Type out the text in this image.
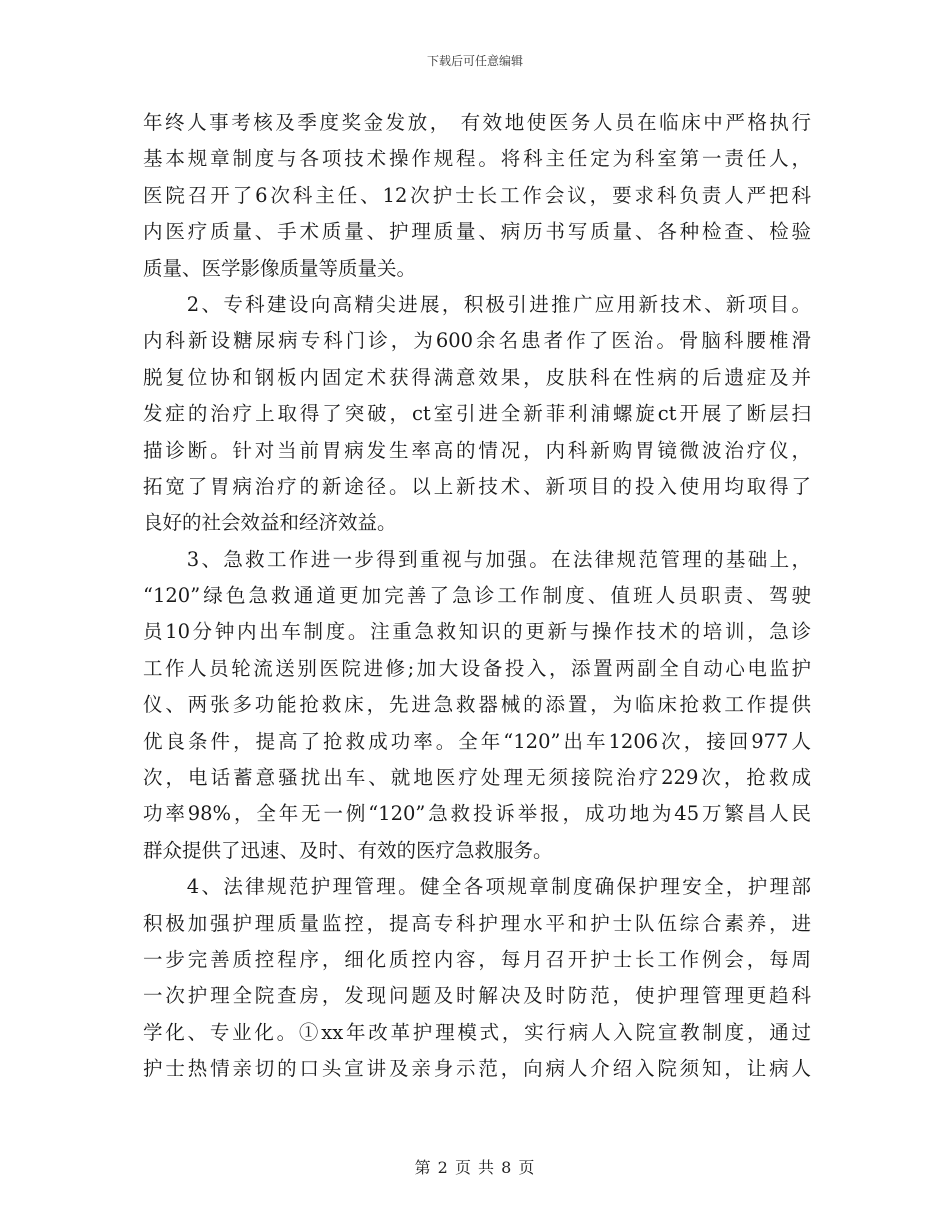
下载后可任意编辑
年终人事考核及季度奖金发放， 有效地使医务人员在临床中严格执行
基本规章制度与各项技术操作规程。将科主任定为科室第一责任人，
医院召开了6次科主任、12次护士长工作会议，要求科负责人严把科
内医疗质量、手术质量、护理质量、病历书写质量、各种检查、检验
质量、医学影像质量等质量关。
　　2、专科建设向高精尖进展，积极引进推广应用新技术、新项目。
内科新设糖尿病专科门诊，为600余名患者作了医治。骨脑科腰椎滑
脱复位协和钢板内固定术获得满意效果，皮肤科在性病的后遗症及并
发症的治疗上取得了突破，ct室引进全新菲利浦螺旋ct开展了断层扫
描诊断。针对当前胃病发生率高的情况，内科新购胃镜微波治疗仪，
拓宽了胃病治疗的新途径。以上新技术、新项目的投入使用均取得了
良好的社会效益和经济效益。
　　3、急救工作进一步得到重视与加强。在法律规范管理的基础上，
“120”绿色急救通道更加完善了急诊工作制度、值班人员职责、驾驶
员10分钟内出车制度。注重急救知识的更新与操作技术的培训，急诊
工作人员轮流送别医院进修;加大设备投入，添置两副全自动心电监护
仪、两张多功能抢救床，先进急救器械的添置，为临床抢救工作提供
优良条件，提高了抢救成功率。全年“120”出车1206次，接回977人
次，电话蓄意骚扰出车、就地医疗处理无须接院治疗229次，抢救成
功率98%，全年无一例“120”急救投诉举报，成功地为45万繁昌人民
群众提供了迅速、及时、有效的医疗急救服务。
　　4、法律规范护理管理。健全各项规章制度确保护理安全，护理部
积极加强护理质量监控，提高专科护理水平和护士队伍综合素养，进
一步完善质控程序，细化质控内容，每月召开护士长工作例会，每周
一次护理全院查房，发现问题及时解决及时防范，使护理管理更趋科
学化、专业化。①xx年改革护理模式，实行病人入院宣教制度，通过
护士热情亲切的口头宣讲及亲身示范，向病人介绍入院须知，让病人
第 2 页 共 8 页
